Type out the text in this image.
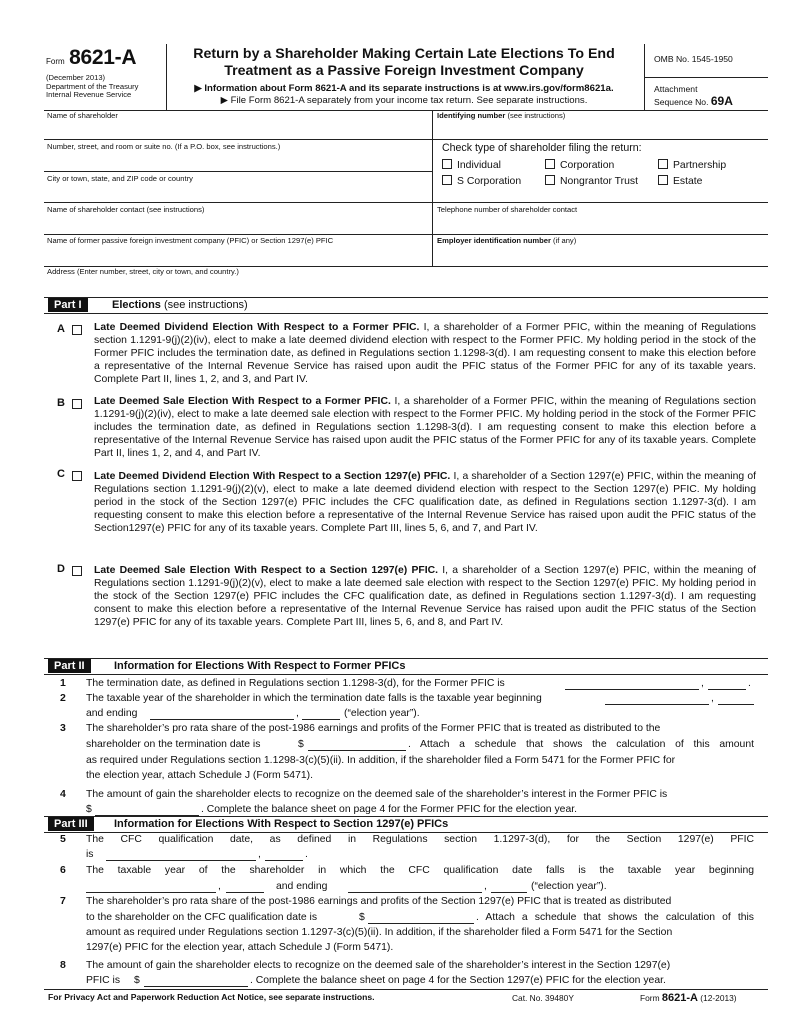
Form 8621-A
(December 2013)
Department of the Treasury
Internal Revenue Service
Return by a Shareholder Making Certain Late Elections To End
Treatment as a Passive Foreign Investment Company
▶ Information about Form 8621-A and its separate instructions is at www.irs.gov/form8621a.
▶ File Form 8621-A separately from your income tax return. See separate instructions.
OMB No. 1545-1950
Attachment
Sequence No. 69A
Name of shareholder	Identifying number (see instructions)
Number, street, and room or suite no. (If a P.O. box, see instructions.)
City or town, state, and ZIP code or country
Check type of shareholder filing the return:
Individual	Corporation	Partnership
S Corporation	Nongrantor Trust	Estate
Name of shareholder contact (see instructions)	Telephone number of shareholder contact
Name of former passive foreign investment company (PFIC) or Section 1297(e) PFIC	Employer identification number (if any)
Address (Enter number, street, city or town, and country.)
Part I	Elections (see instructions)
A	Late Deemed Dividend Election With Respect to a Former PFIC. I, a shareholder of a Former PFIC, within the meaning of Regulations section 1.1291-9(j)(2)(iv), elect to make a late deemed dividend election with respect to the Former PFIC. My holding period in the stock of the Former PFIC includes the termination date, as defined in Regulations section 1.1298-3(d). I am requesting consent to make this election before a representative of the Internal Revenue Service has raised upon audit the PFIC status of the Former PFIC for any of its taxable years. Complete Part II, lines 1, 2, and 3, and Part IV.
B	Late Deemed Sale Election With Respect to a Former PFIC. I, a shareholder of a Former PFIC, within the meaning of Regulations section 1.1291-9(j)(2)(iv), elect to make a late deemed sale election with respect to the Former PFIC. My holding period in the stock of the Former PFIC includes the termination date, as defined in Regulations section 1.1298-3(d). I am requesting consent to make this election before a representative of the Internal Revenue Service has raised upon audit the PFIC status of the Former PFIC for any of its taxable years. Complete Part II, lines 1, 2, and 4, and Part IV.
C	Late Deemed Dividend Election With Respect to a Section 1297(e) PFIC. I, a shareholder of a Section 1297(e) PFIC, within the meaning of Regulations section 1.1291-9(j)(2)(v), elect to make a late deemed dividend election with respect to the Section 1297(e) PFIC. My holding period in the stock of the Section 1297(e) PFIC includes the CFC qualification date, as defined in Regulations section 1.1297-3(d). I am requesting consent to make this election before a representative of the Internal Revenue Service has raised upon audit the PFIC status of the Section1297(e) PFIC for any of its taxable years. Complete Part III, lines 5, 6, and 7, and Part IV.
D	Late Deemed Sale Election With Respect to a Section 1297(e) PFIC. I, a shareholder of a Section 1297(e) PFIC, within the meaning of Regulations section 1.1291-9(j)(2)(v), elect to make a late deemed sale election with respect to the Section 1297(e) PFIC. My holding period in the stock of the Section 1297(e) PFIC includes the CFC qualification date, as defined in Regulations section 1.1297-3(d). I am requesting consent to make this election before a representative of the Internal Revenue Service has raised upon audit the PFIC status of the Section 1297(e) PFIC for any of its taxable years. Complete Part III, lines 5, 6, and 8, and Part IV.
Part II	Information for Elections With Respect to Former PFICs
1 The termination date, as defined in Regulations section 1.1298-3(d), for the Former PFIC is	,	.
2 The taxable year of the shareholder in which the termination date falls is the taxable year beginning	,
and ending	,	(“election year”).
3 The shareholder’s pro rata share of the post-1986 earnings and profits of the Former PFIC that is treated as distributed to the
shareholder on the termination date is	$	. Attach a schedule that shows the calculation of this amount
as required under Regulations section 1.1298-3(c)(5)(ii). In addition, if the shareholder filed a Form 5471 for the Former PFIC for
the election year, attach Schedule J (Form 5471).
4 The amount of gain the shareholder elects to recognize on the deemed sale of the shareholder’s interest in the Former PFIC is
$	. Complete the balance sheet on page 4 for the Former PFIC for the election year.
Part III	Information for Elections With Respect to Section 1297(e) PFICs
5 The CFC qualification date, as defined in Regulations section 1.1297-3(d), for the Section 1297(e) PFIC
is	,	.
6 The taxable year of the shareholder in which the CFC qualification date falls is the taxable year beginning
,	and ending	,	(“election year”).
7 The shareholder’s pro rata share of the post-1986 earnings and profits of the Section 1297(e) PFIC that is treated as distributed
to the shareholder on the CFC qualification date is	$	. Attach a schedule that shows the calculation of this
amount as required under Regulations section 1.1297-3(c)(5)(ii). In addition, if the shareholder filed a Form 5471 for the Section
1297(e) PFIC for the election year, attach Schedule J (Form 5471).
8 The amount of gain the shareholder elects to recognize on the deemed sale of the shareholder’s interest in the Section 1297(e)
PFIC is $	. Complete the balance sheet on page 4 for the Section 1297(e) PFIC for the election year.
For Privacy Act and Paperwork Reduction Act Notice, see separate instructions.	Cat. No. 39480Y	Form 8621-A (12-2013)
